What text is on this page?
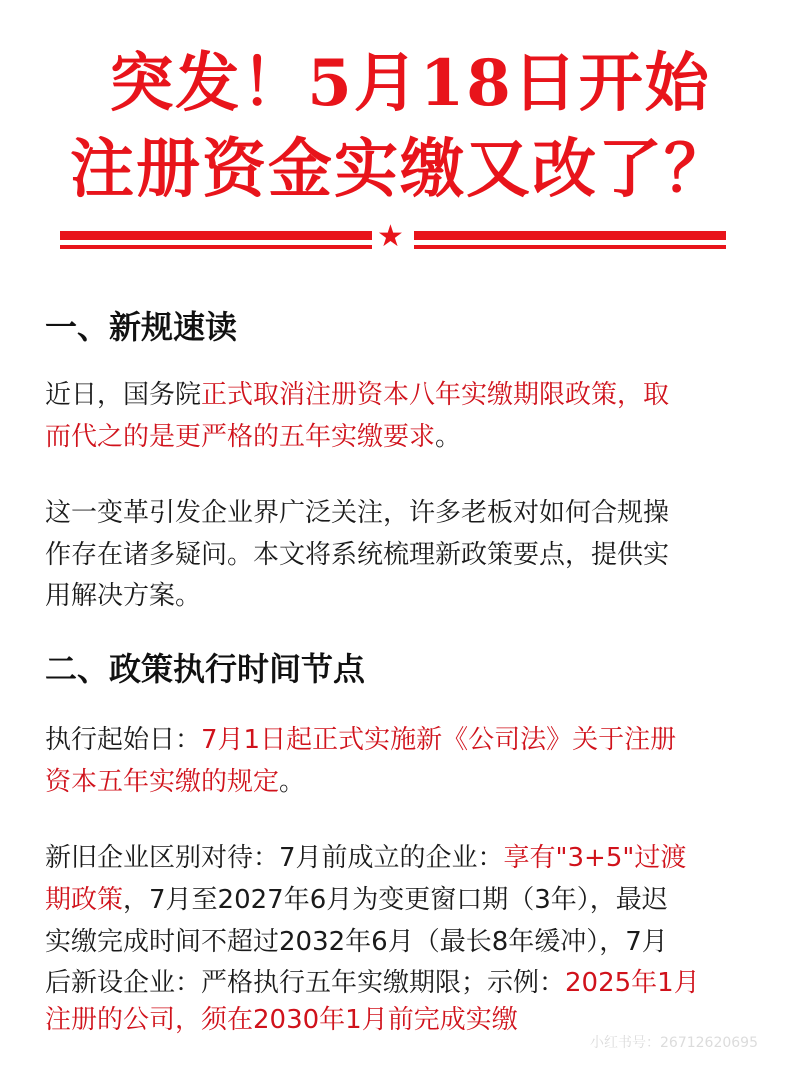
突发！5月18日开始
注册资金实缴又改了？
★
一、新规速读
二、政策执行时间节点
近日，国务院正式取消注册资本八年实缴期限政策，取
而代之的是更严格的五年实缴要求。
这一变革引发企业界广泛关注，许多老板对如何合规操
作存在诸多疑问。本文将系统梳理新政策要点，提供实
用解决方案。
执行起始日：7月1日起正式实施新《公司法》关于注册
资本五年实缴的规定。
新旧企业区别对待：7月前成立的企业：享有"3+5"过渡
期政策，7月至2027年6月为变更窗口期（3年），最迟
实缴完成时间不超过2032年6月（最长8年缓冲），7月
后新设企业：严格执行五年实缴期限；示例：2025年1月
注册的公司，须在2030年1月前完成实缴
小红书号：26712620695
